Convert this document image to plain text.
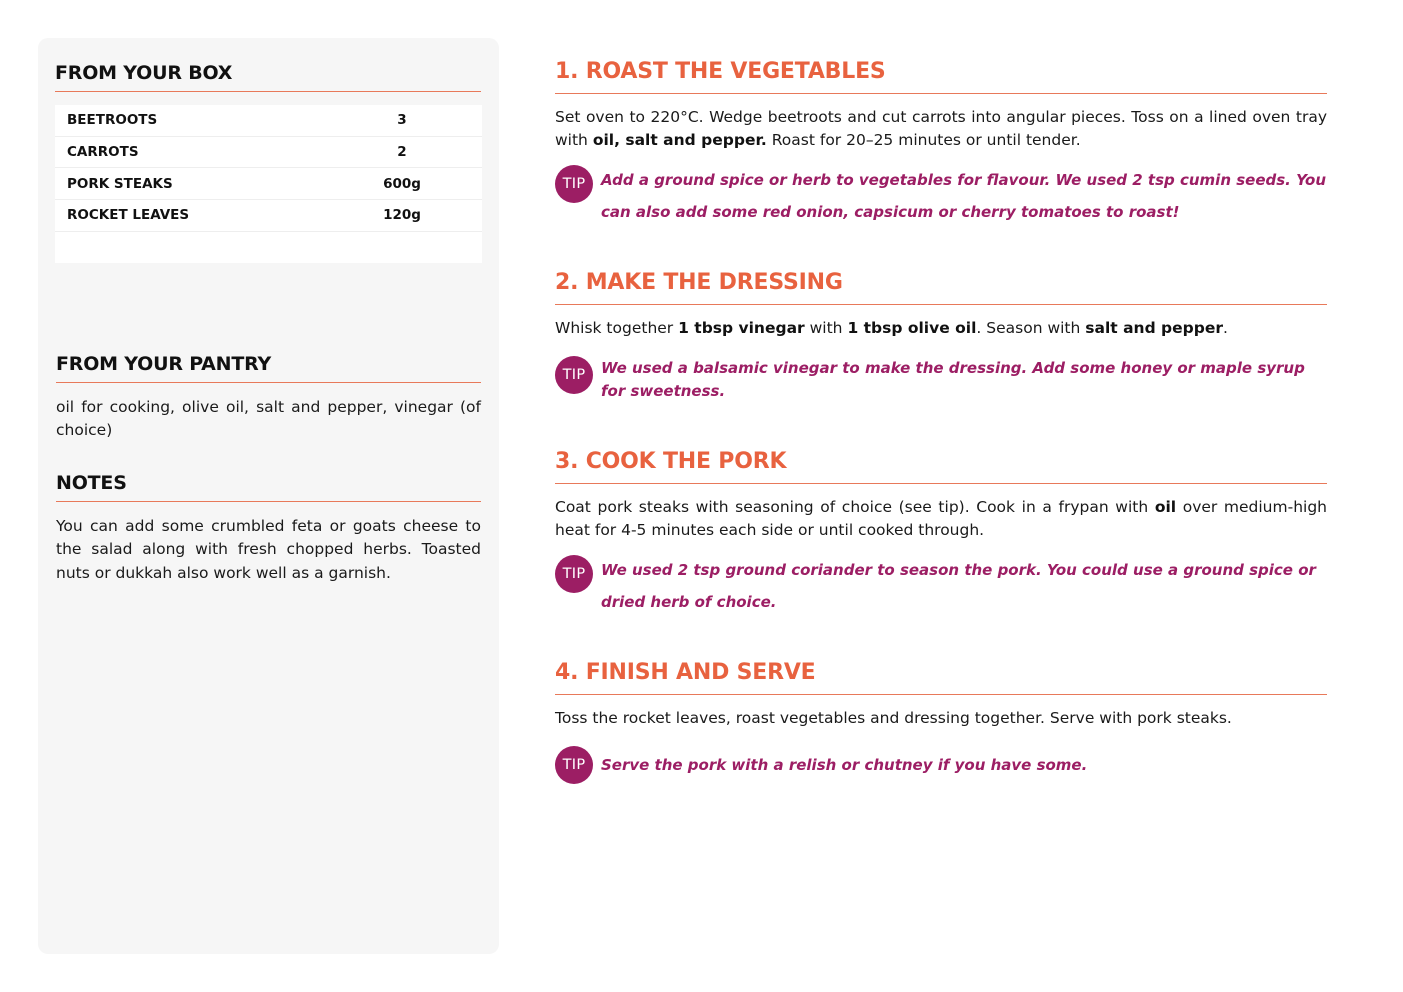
FROM YOUR BOX
BEETROOTS	3
CARROTS	2
PORK STEAKS	600g
ROCKET LEAVES	120g
FROM YOUR PANTRY
oil for cooking, olive oil, salt and pepper, vinegar (of choice)
NOTES
You can add some crumbled feta or goats cheese to the salad along with fresh chopped herbs. Toasted nuts or dukkah also work well as a garnish.
1. ROAST THE VEGETABLES
Set oven to 220°C. Wedge beetroots and cut carrots into angular pieces. Toss on a lined oven tray with oil, salt and pepper. Roast for 20–25 minutes or until tender.
TIP	Add a ground spice or herb to vegetables for flavour. We used 2 tsp cumin seeds. You can also add some red onion, capsicum or cherry tomatoes to roast!
2. MAKE THE DRESSING
Whisk together 1 tbsp vinegar with 1 tbsp olive oil. Season with salt and pepper.
TIP	We used a balsamic vinegar to make the dressing. Add some honey or maple syrup for sweetness.
3. COOK THE PORK
Coat pork steaks with seasoning of choice (see tip). Cook in a frypan with oil over medium-high heat for 4-5 minutes each side or until cooked through.
TIP	We used 2 tsp ground coriander to season the pork. You could use a ground spice or dried herb of choice.
4. FINISH AND SERVE
Toss the rocket leaves, roast vegetables and dressing together. Serve with pork steaks.
TIP	Serve the pork with a relish or chutney if you have some.
